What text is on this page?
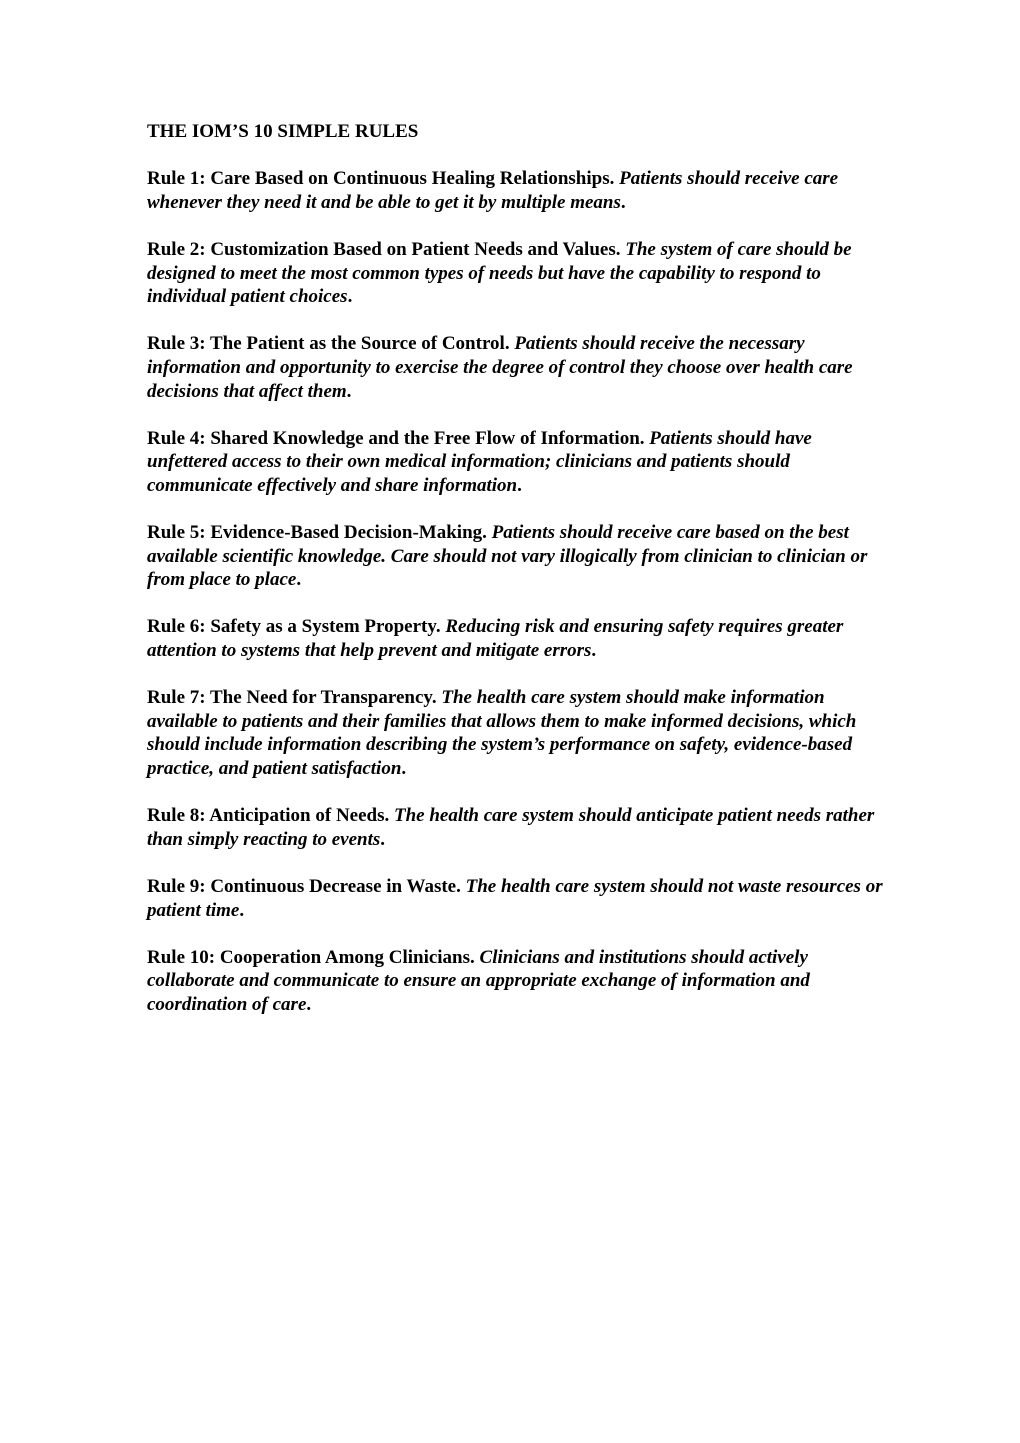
THE IOM’S 10 SIMPLE RULES
Rule 1: Care Based on Continuous Healing Relationships. Patients should receive care whenever they need it and be able to get it by multiple means.
Rule 2: Customization Based on Patient Needs and Values. The system of care should be designed to meet the most common types of needs but have the capability to respond to individual patient choices.
Rule 3: The Patient as the Source of Control. Patients should receive the necessary information and opportunity to exercise the degree of control they choose over health care decisions that affect them.
Rule 4: Shared Knowledge and the Free Flow of Information. Patients should have unfettered access to their own medical information; clinicians and patients should communicate effectively and share information.
Rule 5: Evidence-Based Decision-Making. Patients should receive care based on the best available scientific knowledge. Care should not vary illogically from clinician to clinician or from place to place.
Rule 6: Safety as a System Property. Reducing risk and ensuring safety requires greater attention to systems that help prevent and mitigate errors.
Rule 7: The Need for Transparency. The health care system should make information available to patients and their families that allows them to make informed decisions, which should include information describing the system’s performance on safety, evidence-based practice, and patient satisfaction.
Rule 8: Anticipation of Needs. The health care system should anticipate patient needs rather than simply reacting to events.
Rule 9: Continuous Decrease in Waste. The health care system should not waste resources or patient time.
Rule 10: Cooperation Among Clinicians. Clinicians and institutions should actively collaborate and communicate to ensure an appropriate exchange of information and coordination of care.
